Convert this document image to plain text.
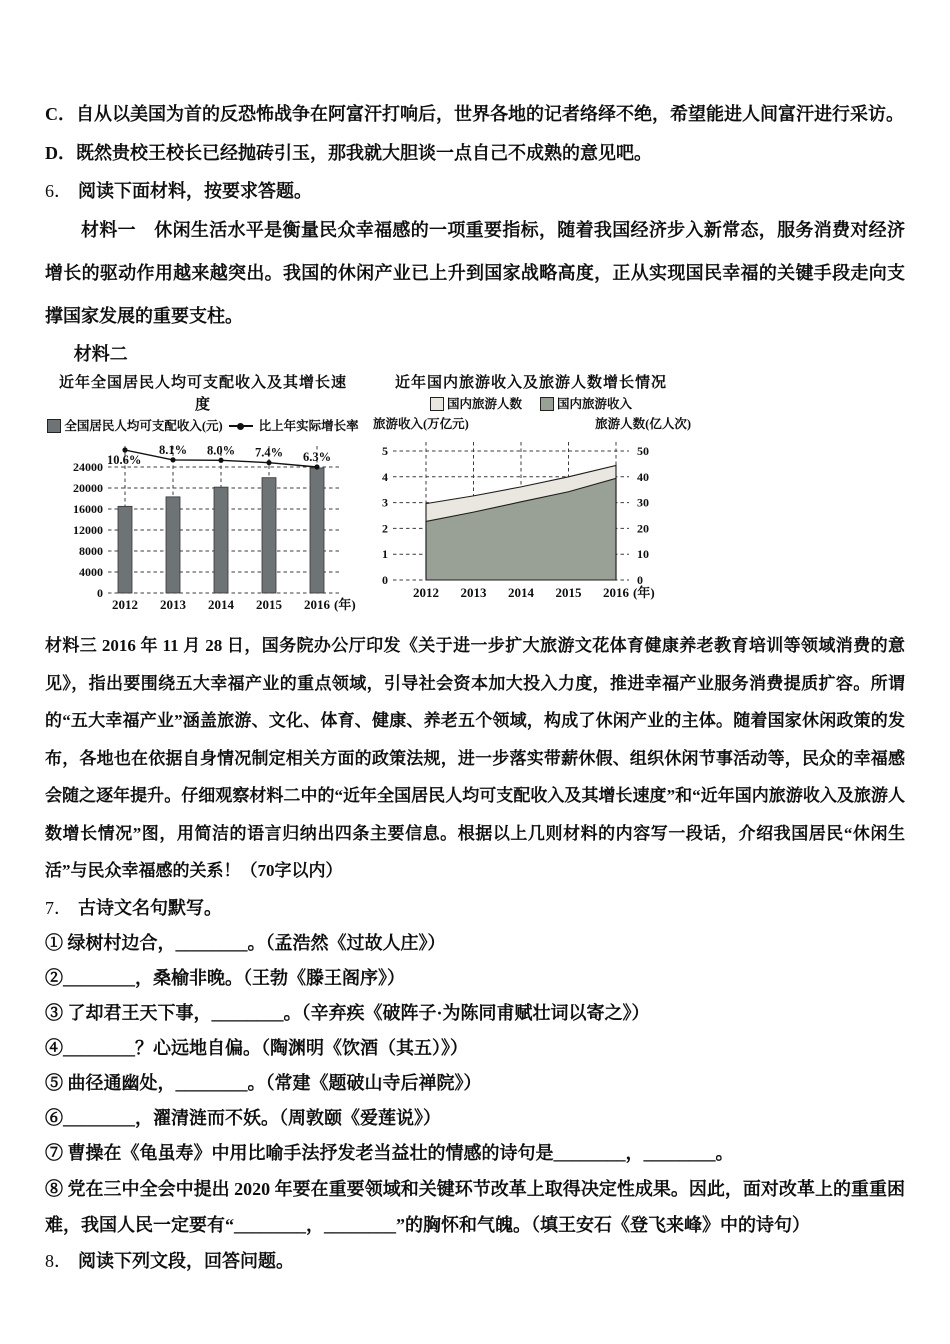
C．自从以美国为首的反恐怖战争在阿富汗打响后，世界各地的记者络绎不绝，希望能进人间富汗进行采访。
D．既然贵校王校长已经抛砖引玉，那我就大胆谈一点自己不成熟的意见吧。
6． 阅读下面材料，按要求答题。

材料一　休闲生活水平是衡量民众幸福感的一项重要指标，随着我国经济步入新常态，服务消费对经济增长的驱动作用越来越突出。我国的休闲产业已上升到国家战略高度，正从实现国民幸福的关键手段走向支撑国家发展的重要支柱。

材料二
近年全国居民人均可支配收入及其增长速度
全国居民人均可支配收入(元)	比上年实际增长率
0
4000
8000
12000
16000
20000
24000
2012 2013 2014 2015 2016 (年)
10.6%
8.1% 8.0% 7.4% 6.3%
近年国内旅游收入及旅游人数增长情况
国内旅游人数	国内旅游收入
旅游收入(万亿元)	旅游人数(亿人次)
0
1
2
3
4
5
0
10
20
30
40
50
2012 2013 2014 2015 2016 (年)

材料三 2016 年 11 月 28 日，国务院办公厅印发《关于进一步扩大旅游文花体育健康养老教育培训等领域消费的意见》，指出要围绕五大幸福产业的重点领域，引导社会资本加大投入力度，推进幸福产业服务消费提质扩容。所谓的“五大幸福产业”涵盖旅游、文化、体育、健康、养老五个领域，构成了休闲产业的主体。随着国家休闲政策的发布，各地也在依据自身情况制定相关方面的政策法规，进一步落实带薪休假、组织休闲节事活动等，民众的幸福感会随之逐年提升。仔细观察材料二中的“近年全国居民人均可支配收入及其增长速度”和“近年国内旅游收入及旅游人数增长情况”图，用简洁的语言归纳出四条主要信息。根据以上几则材料的内容写一段话，介绍我国居民“休闲生活”与民众幸福感的关系！（70字以内）

7． 古诗文名句默写。
① 绿树村边合，________。（孟浩然《过故人庄》）
②________，桑榆非晚。（王勃《滕王阁序》）
③ 了却君王天下事，________。（辛弃疾《破阵子·为陈同甫赋壮词以寄之》）
④________？心远地自偏。（陶渊明《饮酒（其五）》）
⑤ 曲径通幽处，________。（常建《题破山寺后禅院》）
⑥________，濯清涟而不妖。（周敦颐《爱莲说》）
⑦ 曹操在《龟虽寿》中用比喻手法抒发老当益壮的情感的诗句是________，________。
⑧ 党在三中全会中提出 2020 年要在重要领域和关键环节改革上取得决定性成果。因此，面对改革上的重重困难，我国人民一定要有“________，________”的胸怀和气魄。（填王安石《登飞来峰》中的诗句）
8． 阅读下列文段，回答问题。
